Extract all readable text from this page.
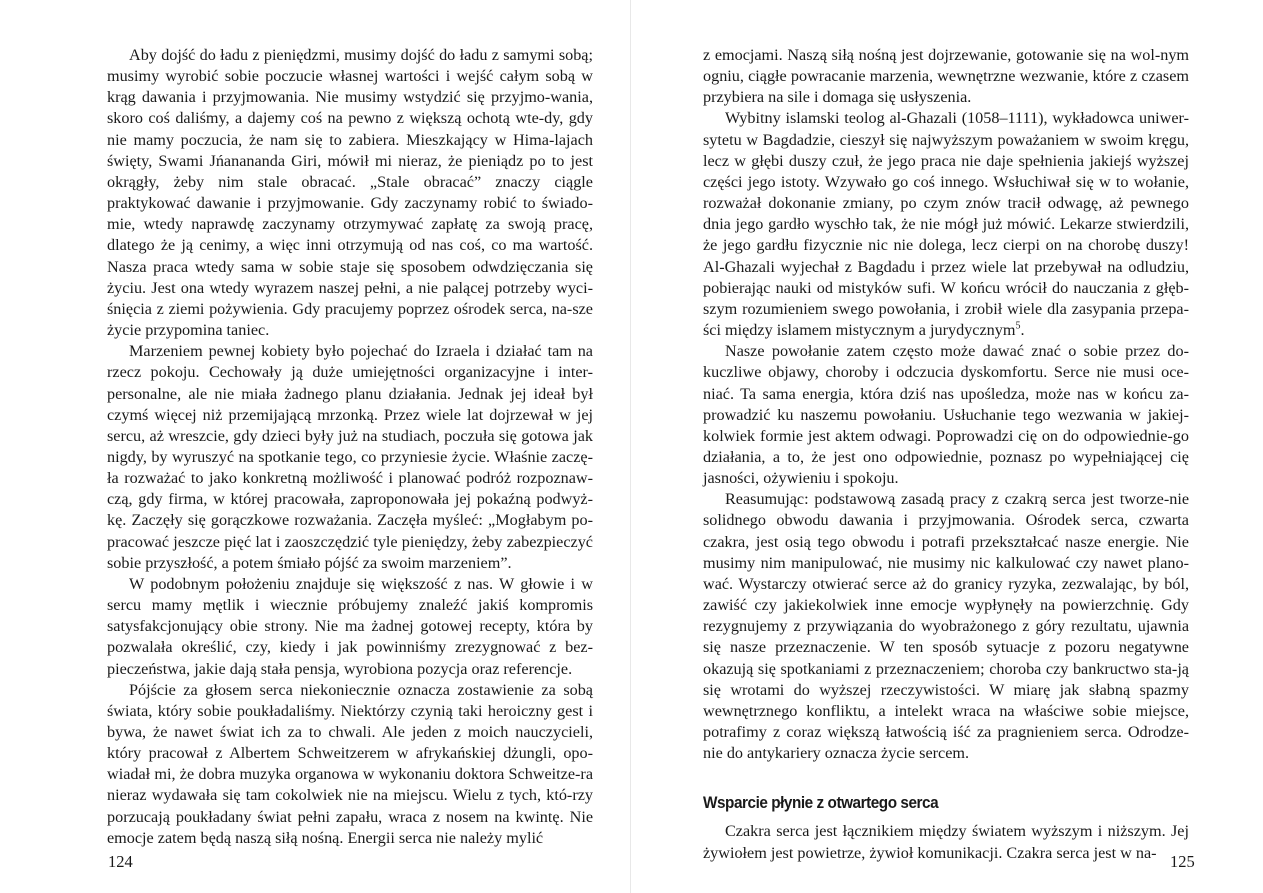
Aby dojść do ładu z pieniędzmi, musimy dojść do ładu z samymi sobą; musimy wyrobić sobie poczucie własnej wartości i wejść całym sobą w krąg dawania i przyjmowania. Nie musimy wstydzić się przyjmo-wania, skoro coś daliśmy, a dajemy coś na pewno z większą ochotą wte-dy, gdy nie mamy poczucia, że nam się to zabiera. Mieszkający w Hima-lajach święty, Swami Jńanananda Giri, mówił mi nieraz, że pieniądz po to jest okrągły, żeby nim stale obracać. „Stale obracać” znaczy ciągle praktykować dawanie i przyjmowanie. Gdy zaczynamy robić to świado-mie, wtedy naprawdę zaczynamy otrzymywać zapłatę za swoją pracę, dlatego że ją cenimy, a więc inni otrzymują od nas coś, co ma wartość. Nasza praca wtedy sama w sobie staje się sposobem odwdzięczania się życiu. Jest ona wtedy wyrazem naszej pełni, a nie palącej potrzeby wyci-śnięcia z ziemi pożywienia. Gdy pracujemy poprzez ośrodek serca, na-sze życie przypomina taniec.

Marzeniem pewnej kobiety było pojechać do Izraela i działać tam na rzecz pokoju. Cechowały ją duże umiejętności organizacyjne i inter-personalne, ale nie miała żadnego planu działania. Jednak jej ideał był czymś więcej niż przemijającą mrzonką. Przez wiele lat dojrzewał w jej sercu, aż wreszcie, gdy dzieci były już na studiach, poczuła się gotowa jak nigdy, by wyruszyć na spotkanie tego, co przyniesie życie. Właśnie zaczę-ła rozważać to jako konkretną możliwość i planować podróż rozpoznaw-czą, gdy firma, w której pracowała, zaproponowała jej pokaźną podwyż-kę. Zaczęły się gorączkowe rozważania. Zaczęła myśleć: „Mogłabym po-pracować jeszcze pięć lat i zaoszczędzić tyle pieniędzy, żeby zabezpieczyć sobie przyszłość, a potem śmiało pójść za swoim marzeniem”.

W podobnym położeniu znajduje się większość z nas. W głowie i w sercu mamy mętlik i wiecznie próbujemy znaleźć jakiś kompromis satysfakcjonujący obie strony. Nie ma żadnej gotowej recepty, która by pozwalała określić, czy, kiedy i jak powinniśmy zrezygnować z bez-pieczeństwa, jakie dają stała pensja, wyrobiona pozycja oraz referencje.

Pójście za głosem serca niekoniecznie oznacza zostawienie za sobą świata, który sobie poukładaliśmy. Niektórzy czynią taki heroiczny gest i bywa, że nawet świat ich za to chwali. Ale jeden z moich nauczycieli, który pracował z Albertem Schweitzerem w afrykańskiej dżungli, opo-wiadał mi, że dobra muzyka organowa w wykonaniu doktora Schweitze-ra nieraz wydawała się tam cokolwiek nie na miejscu. Wielu z tych, któ-rzy porzucają poukładany świat pełni zapału, wraca z nosem na kwintę. Nie emocje zatem będą naszą siłą nośną. Energii serca nie należy mylić

124

z emocjami. Naszą siłą nośną jest dojrzewanie, gotowanie się na wol-nym ogniu, ciągłe powracanie marzenia, wewnętrzne wezwanie, które z czasem przybiera na sile i domaga się usłyszenia.

Wybitny islamski teolog al-Ghazali (1058–1111), wykładowca uniwer-sytetu w Bagdadzie, cieszył się najwyższym poważaniem w swoim kręgu, lecz w głębi duszy czuł, że jego praca nie daje spełnienia jakiejś wyższej części jego istoty. Wzywało go coś innego. Wsłuchiwał się w to wołanie, rozważał dokonanie zmiany, po czym znów tracił odwagę, aż pewnego dnia jego gardło wyschło tak, że nie mógł już mówić. Lekarze stwierdzili, że jego gardłu fizycznie nic nie dolega, lecz cierpi on na chorobę duszy! Al-Ghazali wyjechał z Bagdadu i przez wiele lat przebywał na odludziu, pobierając nauki od mistyków sufi. W końcu wrócił do nauczania z głęb-szym rozumieniem swego powołania, i zrobił wiele dla zasypania przepa-ści między islamem mistycznym a jurydycznym$^5$.

Nasze powołanie zatem często może dawać znać o sobie przez do-kuczliwe objawy, choroby i odczucia dyskomfortu. Serce nie musi oce-niać. Ta sama energia, która dziś nas upośledza, może nas w końcu za-prowadzić ku naszemu powołaniu. Usłuchanie tego wezwania w jakiej-kolwiek formie jest aktem odwagi. Poprowadzi cię on do odpowiednie-go działania, a to, że jest ono odpowiednie, poznasz po wypełniającej cię jasności, ożywieniu i spokoju.

Reasumując: podstawową zasadą pracy z czakrą serca jest tworze-nie solidnego obwodu dawania i przyjmowania. Ośrodek serca, czwarta czakra, jest osią tego obwodu i potrafi przekształcać nasze energie. Nie musimy nim manipulować, nie musimy nic kalkulować czy nawet plano-wać. Wystarczy otwierać serce aż do granicy ryzyka, zezwalając, by ból, zawiść czy jakiekolwiek inne emocje wypłynęły na powierzchnię. Gdy rezygnujemy z przywiązania do wyobrażonego z góry rezultatu, ujawnia się nasze przeznaczenie. W ten sposób sytuacje z pozoru negatywne okazują się spotkaniami z przeznaczeniem; choroba czy bankructwo sta-ją się wrotami do wyższej rzeczywistości. W miarę jak słabną spazmy wewnętrznego konfliktu, a intelekt wraca na właściwe sobie miejsce, potrafimy z coraz większą łatwością iść za pragnieniem serca. Odrodze-nie do antykariery oznacza życie sercem.

Wsparcie płynie z otwartego serca

Czakra serca jest łącznikiem między światem wyższym i niższym. Jej żywiołem jest powietrze, żywioł komunikacji. Czakra serca jest w na- 125
